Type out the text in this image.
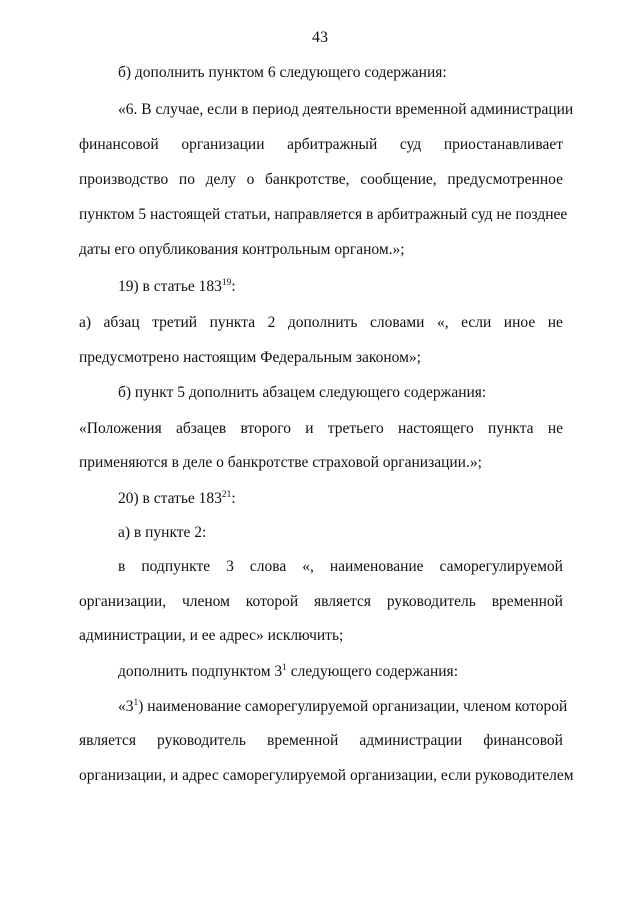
43
б) дополнить пунктом 6 следующего содержания:
«6. В случае, если в период деятельности временной администрации
финансовой организации арбитражный суд приостанавливает
производство по делу о банкротстве, сообщение, предусмотренное
пунктом 5 настоящей статьи, направляется в арбитражный суд не позднее
даты его опубликования контрольным органом.»;
19) в статье $183^{19}$:
а) абзац третий пункта 2 дополнить словами «, если иное не
предусмотрено настоящим Федеральным законом»;
б) пункт 5 дополнить абзацем следующего содержания:
«Положения абзацев второго и третьего настоящего пункта не
применяются в деле о банкротстве страховой организации.»;
20) в статье $183^{21}$:
а) в пункте 2:
в подпункте 3 слова «, наименование саморегулируемой
организации, членом которой является руководитель временной
администрации, и ее адрес» исключить;
дополнить подпунктом $3^1$ следующего содержания:
«$3^1$) наименование саморегулируемой организации, членом которой
является руководитель временной администрации финансовой
организации, и адрес саморегулируемой организации, если руководителем
